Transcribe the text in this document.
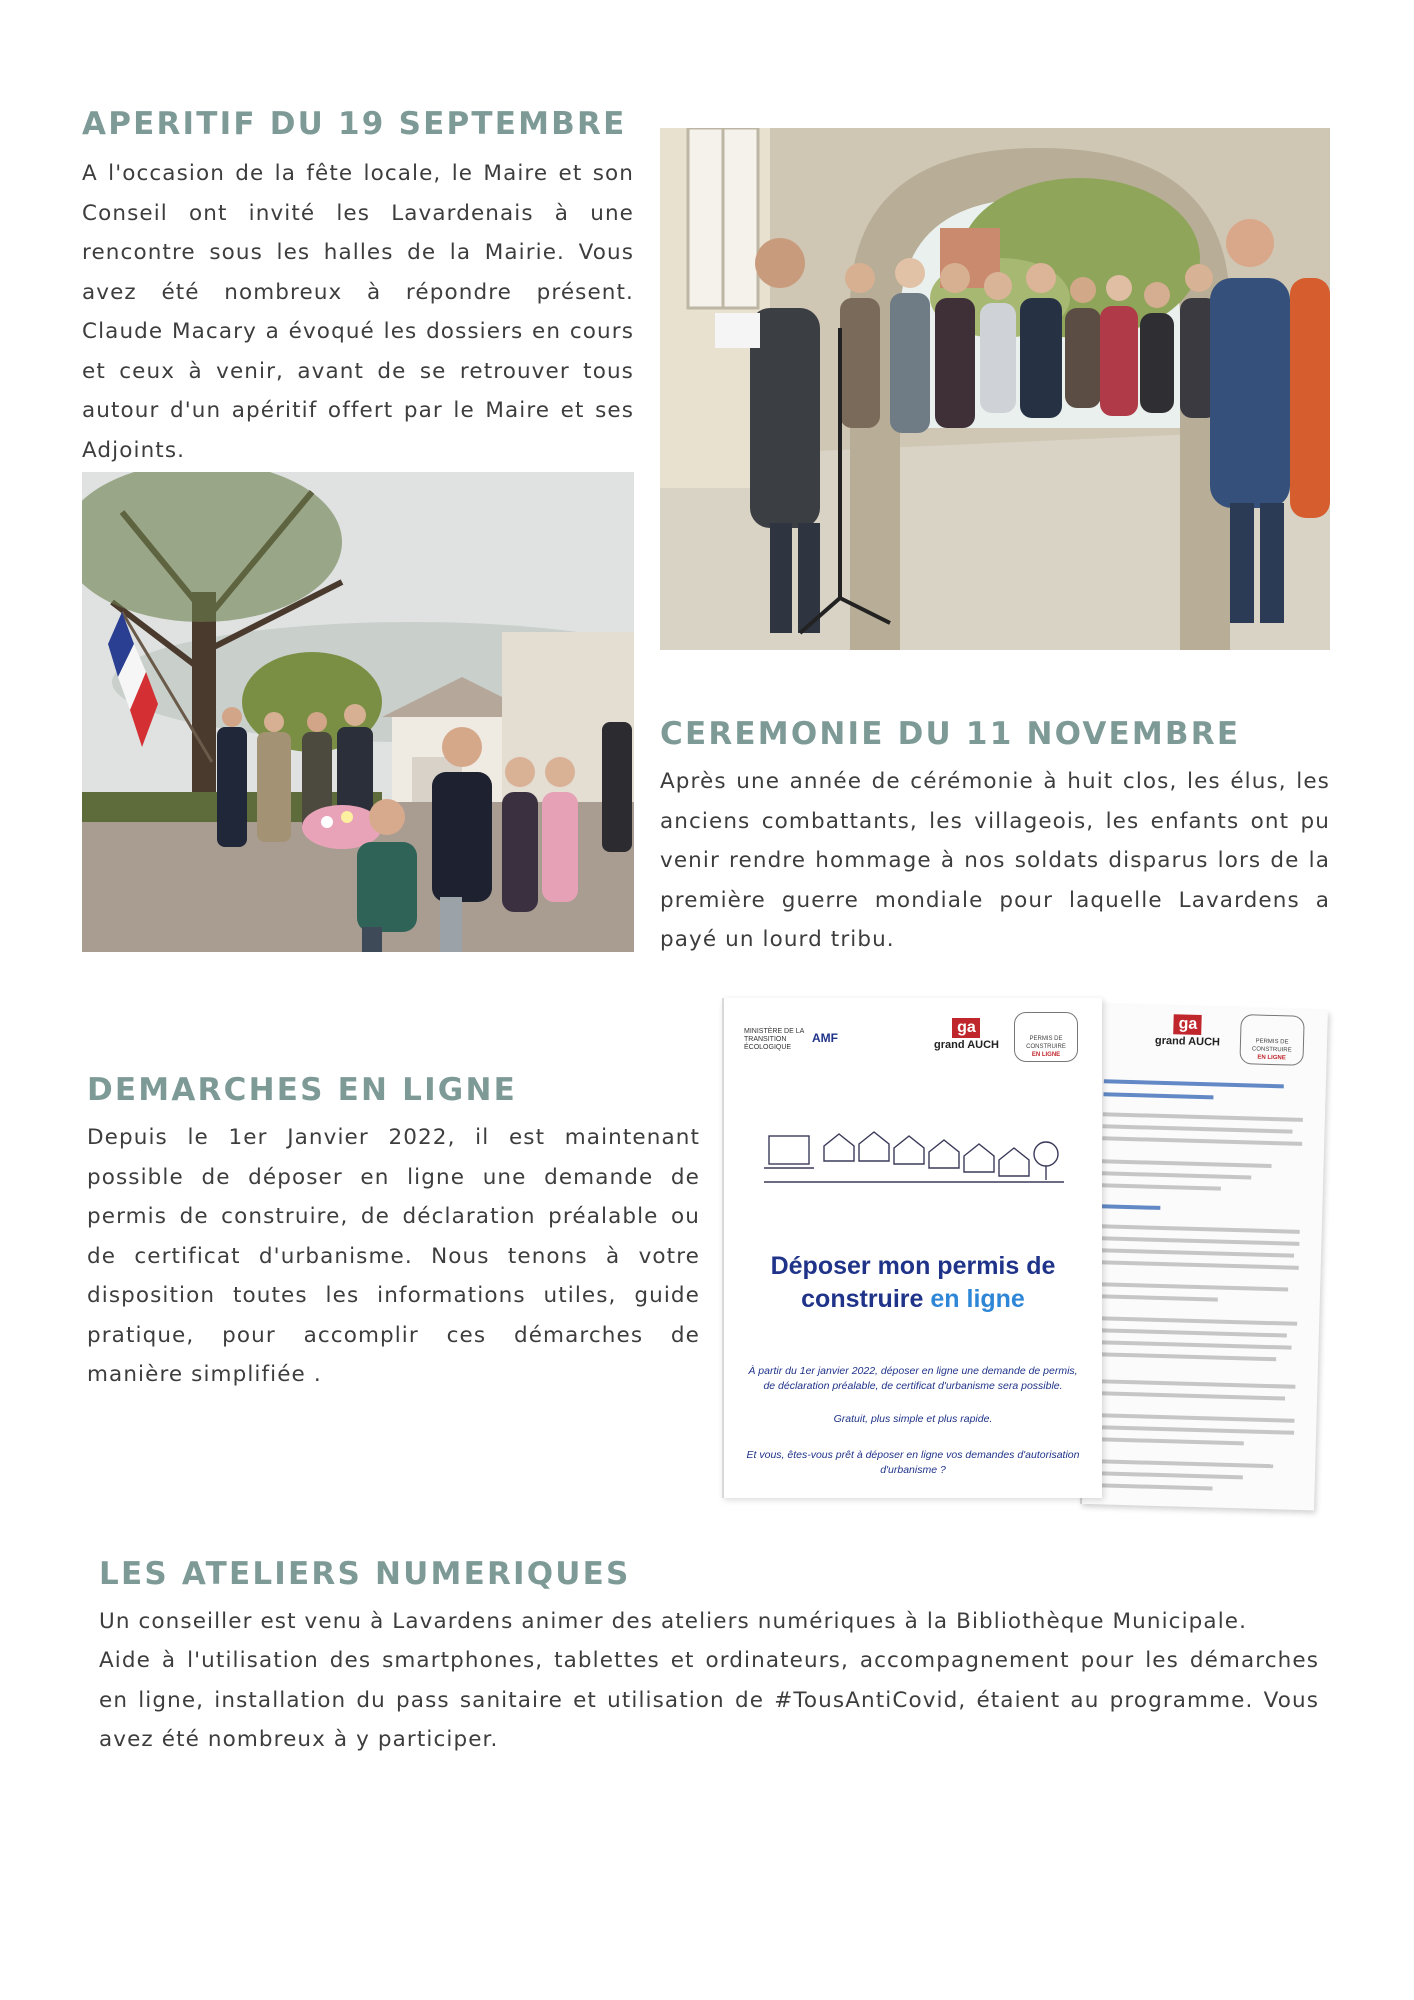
APERITIF DU 19 SEPTEMBRE

A l'occasion de la fête locale, le Maire et son Conseil ont invité les Lavardenais à une rencontre sous les halles de la Mairie. Vous avez été nombreux à répondre présent. Claude Macary a évoqué les dossiers en cours et ceux à venir, avant de se retrouver tous autour d'un apéritif offert par le Maire et ses Adjoints.

CEREMONIE DU 11 NOVEMBRE

Après une année de cérémonie à huit clos, les élus, les anciens combattants, les villageois, les enfants ont pu venir rendre hommage à nos soldats disparus lors de la première guerre mondiale pour laquelle Lavardens a payé un lourd tribu.

DEMARCHES EN LIGNE

Depuis le 1er Janvier 2022, il est maintenant possible de déposer en ligne une demande de permis de construire, de déclaration préalable ou de certificat d'urbanisme. Nous tenons à votre disposition toutes les informations utiles, guide pratique, pour accomplir ces démarches de manière simplifiée .

ga
grand AUCH	PERMIS DE CONSTRUIRE
EN LIGNE
MINISTÈRE DE LA TRANSITION ÉCOLOGIQUE
AMF
ga
grand AUCH	PERMIS DE CONSTRUIRE
EN LIGNE
Déposer mon permis de construire en ligne

À partir du 1er janvier 2022, déposer en ligne une demande de permis, de déclaration préalable, de certificat d'urbanisme sera possible.

Gratuit, plus simple et plus rapide.

Et vous, êtes-vous prêt à déposer en ligne vos demandes d'autorisation d'urbanisme ?

LES ATELIERS NUMERIQUES

Un conseiller est venu à Lavardens animer des ateliers numériques à la Bibliothèque Municipale.

Aide à l'utilisation des smartphones, tablettes et ordinateurs, accompagnement pour les démarches en ligne, installation du pass sanitaire et utilisation de #TousAntiCovid, étaient au programme. Vous avez été nombreux à y participer.
